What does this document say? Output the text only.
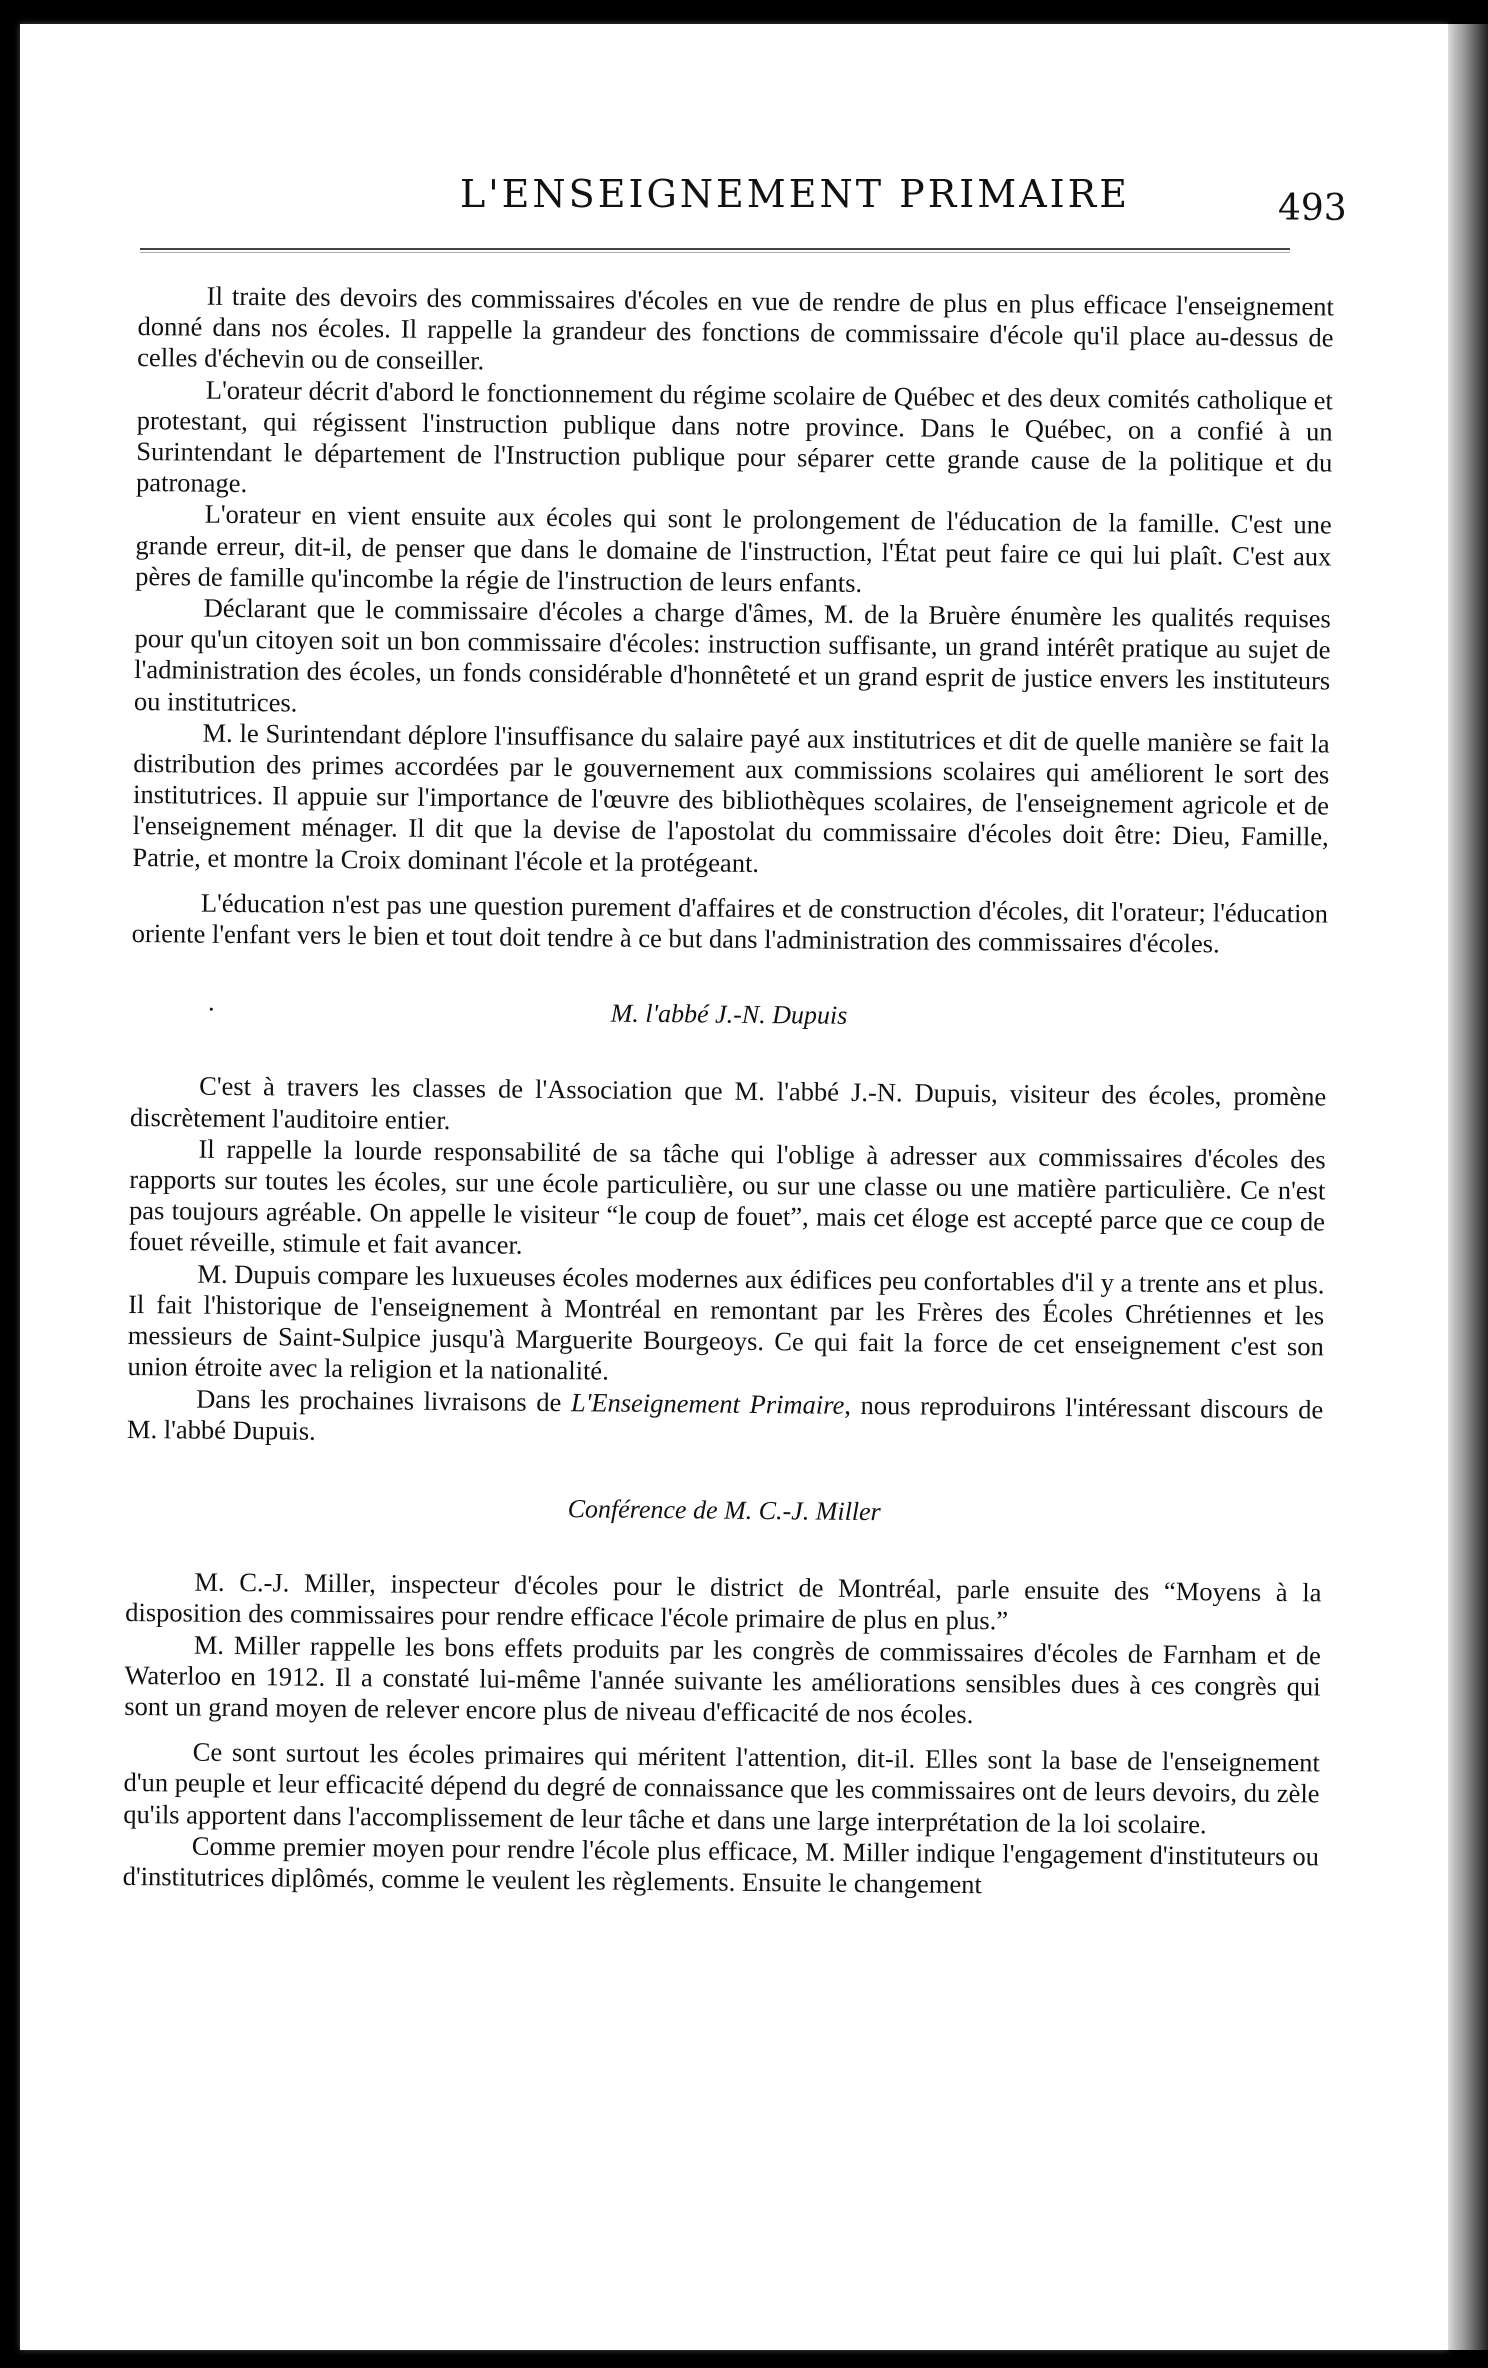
L'ENSEIGNEMENT PRIMAIRE	493

Il traite des devoirs des commissaires d'écoles en vue de rendre de plus en plus efficace l'enseignement donné dans nos écoles. Il rappelle la grandeur des fonctions de commissaire d'école qu'il place au-dessus de celles d'échevin ou de conseiller.

L'orateur décrit d'abord le fonctionnement du régime scolaire de Québec et des deux comités catholique et protestant, qui régissent l'instruction publique dans notre province. Dans le Québec, on a confié à un Surintendant le département de l'Instruction publique pour séparer cette grande cause de la politique et du patronage.

L'orateur en vient ensuite aux écoles qui sont le prolongement de l'éducation de la famille. C'est une grande erreur, dit-il, de penser que dans le domaine de l'instruction, l'État peut faire ce qui lui plaît. C'est aux pères de famille qu'incombe la régie de l'instruction de leurs enfants.

Déclarant que le commissaire d'écoles a charge d'âmes, M. de la Bruère énumère les qualités requises pour qu'un citoyen soit un bon commissaire d'écoles: instruction suffisante, un grand intérêt pratique au sujet de l'administration des écoles, un fonds considérable d'honnêteté et un grand esprit de justice envers les instituteurs ou institutrices.

M. le Surintendant déplore l'insuffisance du salaire payé aux institutrices et dit de quelle manière se fait la distribution des primes accordées par le gouvernement aux commissions scolaires qui améliorent le sort des institutrices. Il appuie sur l'importance de l'œuvre des bibliothèques scolaires, de l'enseignement agricole et de l'enseignement ménager. Il dit que la devise de l'apostolat du commissaire d'écoles doit être: Dieu, Famille, Patrie, et montre la Croix dominant l'école et la protégeant.

L'éducation n'est pas une question purement d'affaires et de construction d'écoles, dit l'orateur; l'éducation oriente l'enfant vers le bien et tout doit tendre à ce but dans l'administration des commissaires d'écoles.

· M. l'abbé J.-N. Dupuis

C'est à travers les classes de l'Association que M. l'abbé J.-N. Dupuis, visiteur des écoles, promène discrètement l'auditoire entier.

Il rappelle la lourde responsabilité de sa tâche qui l'oblige à adresser aux commissaires d'écoles des rapports sur toutes les écoles, sur une école particulière, ou sur une classe ou une matière particulière. Ce n'est pas toujours agréable. On appelle le visiteur “le coup de fouet”, mais cet éloge est accepté parce que ce coup de fouet réveille, stimule et fait avancer.

M. Dupuis compare les luxueuses écoles modernes aux édifices peu confortables d'il y a trente ans et plus. Il fait l'historique de l'enseignement à Montréal en remontant par les Frères des Écoles Chrétiennes et les messieurs de Saint-Sulpice jusqu'à Marguerite Bourgeoys. Ce qui fait la force de cet enseignement c'est son union étroite avec la religion et la nationalité.

Dans les prochaines livraisons de L'Enseignement Primaire, nous reproduirons l'intéressant discours de M. l'abbé Dupuis.

Conférence de M. C.-J. Miller

M. C.-J. Miller, inspecteur d'écoles pour le district de Montréal, parle ensuite des “Moyens à la disposition des commissaires pour rendre efficace l'école primaire de plus en plus.”

M. Miller rappelle les bons effets produits par les congrès de commissaires d'écoles de Farnham et de Waterloo en 1912. Il a constaté lui-même l'année suivante les améliorations sensibles dues à ces congrès qui sont un grand moyen de relever encore plus de niveau d'efficacité de nos écoles.

Ce sont surtout les écoles primaires qui méritent l'attention, dit-il. Elles sont la base de l'enseignement d'un peuple et leur efficacité dépend du degré de connaissance que les commissaires ont de leurs devoirs, du zèle qu'ils apportent dans l'accomplissement de leur tâche et dans une large interprétation de la loi scolaire.

Comme premier moyen pour rendre l'école plus efficace, M. Miller indique l'engagement d'instituteurs ou d'institutrices diplômés, comme le veulent les règlements. Ensuite le changement
